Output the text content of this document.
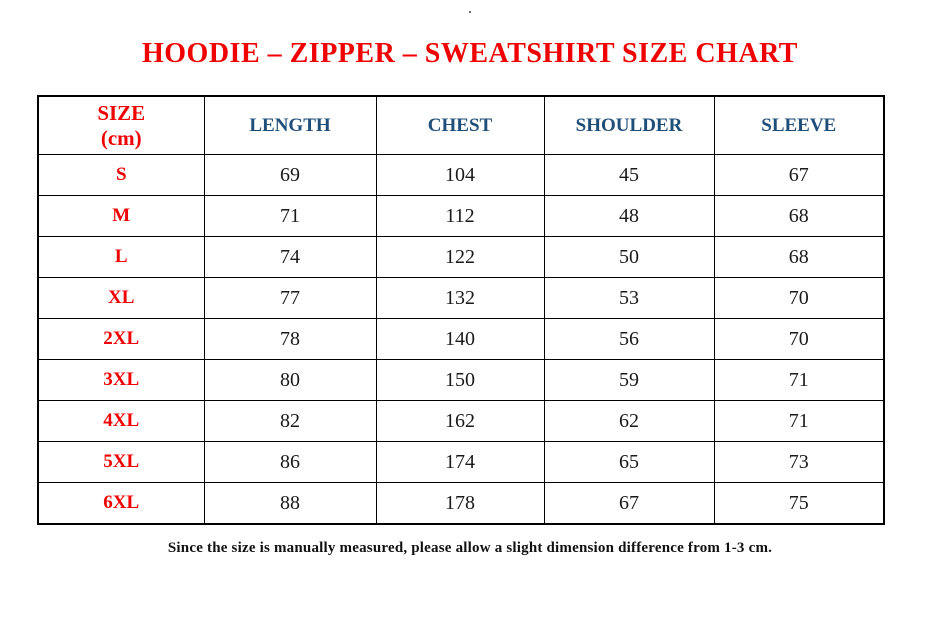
.
HOODIE – ZIPPER – SWEATSHIRT SIZE CHART
SIZE
(cm)	LENGTH	CHEST	SHOULDER	SLEEVE
S	69	104	45	67
M	71	112	48	68
L	74	122	50	68
XL	77	132	53	70
2XL	78	140	56	70
3XL	80	150	59	71
4XL	82	162	62	71
5XL	86	174	65	73
6XL	88	178	67	75

Since the size is manually measured, please allow a slight dimension difference from 1-3 cm.
